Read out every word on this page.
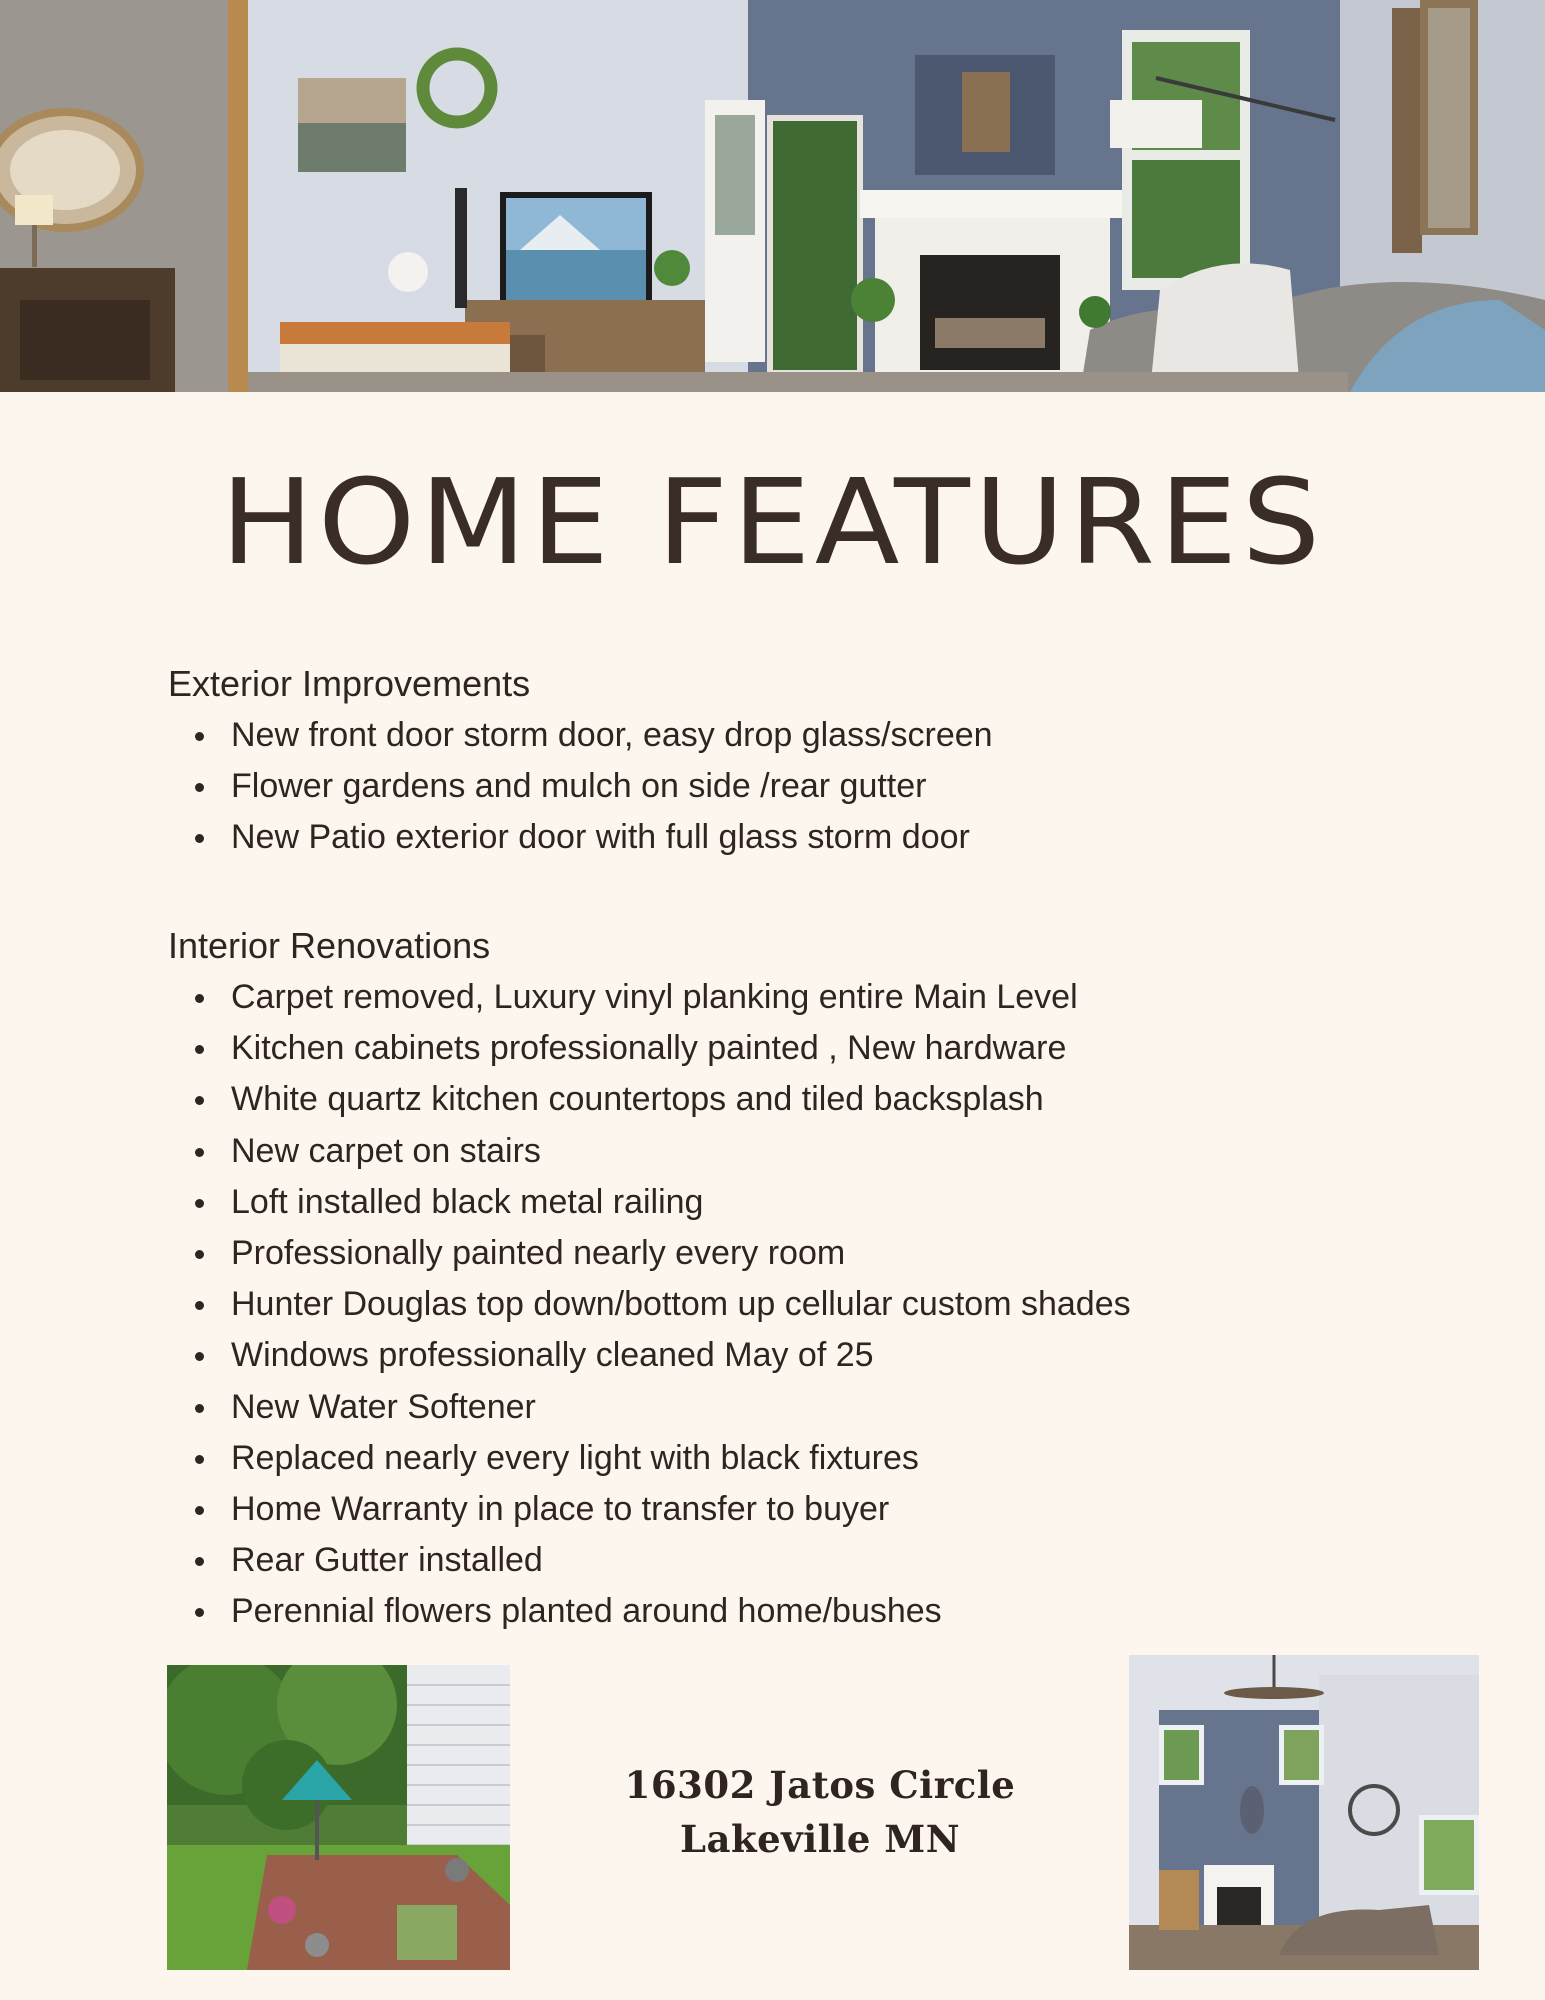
HOME FEATURES
Exterior Improvements
New front door storm door, easy drop glass/screen
Flower gardens and mulch on side /rear gutter
New Patio exterior door with full glass storm door
Interior Renovations
Carpet removed, Luxury vinyl planking entire Main Level
Kitchen cabinets professionally painted , New hardware
White quartz kitchen countertops and tiled backsplash
New carpet on stairs
Loft installed black metal railing
Professionally painted nearly every room
Hunter Douglas top down/bottom up cellular custom shades
Windows professionally cleaned May of 25
New Water Softener
Replaced nearly every light with black fixtures
Home Warranty in place to transfer to buyer
Rear Gutter installed
Perennial flowers planted around home/bushes
16302 Jatos Circle
Lakeville MN
